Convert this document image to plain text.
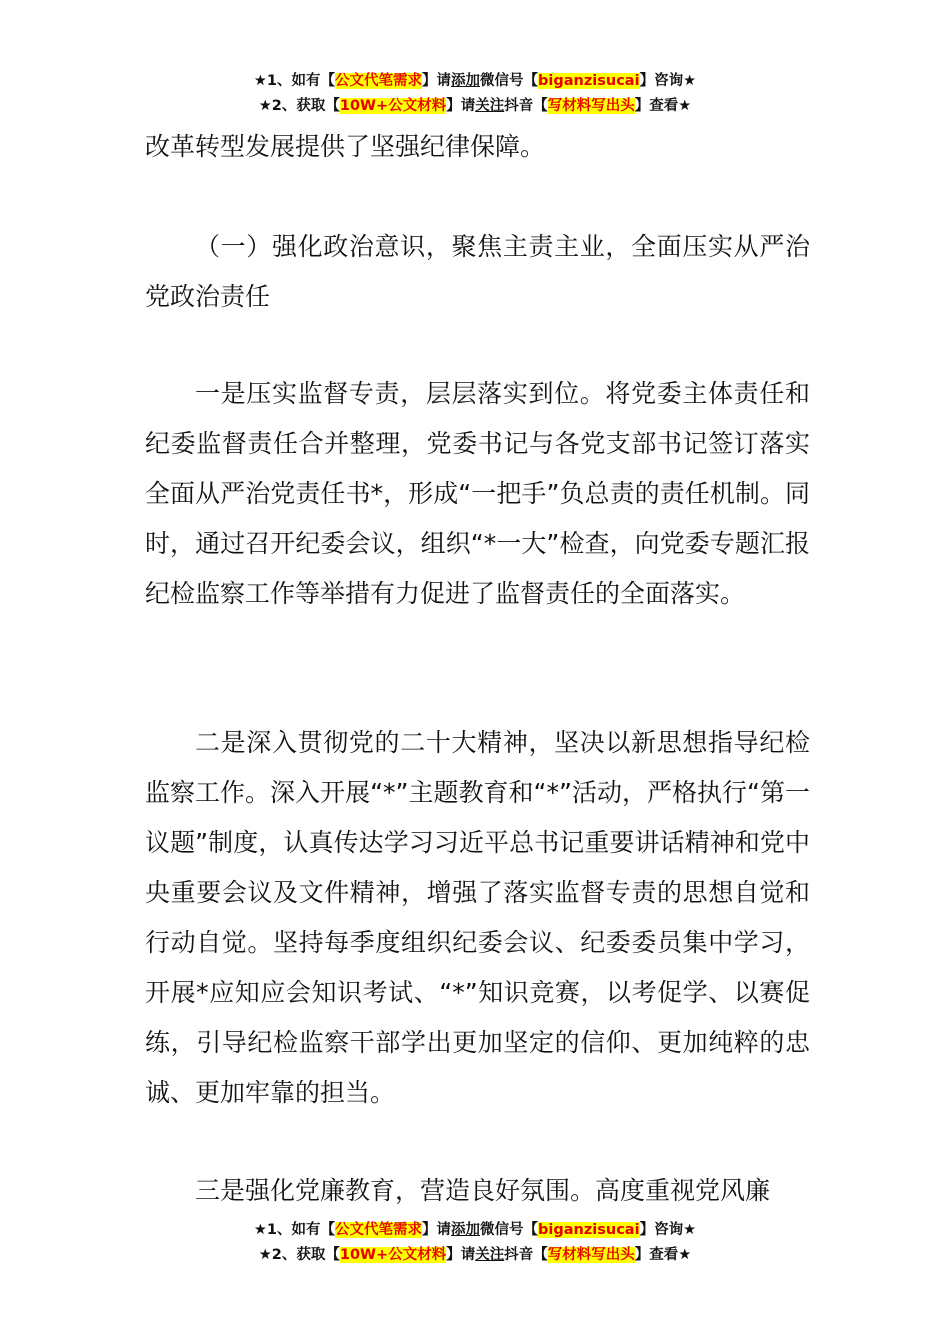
★1、如有【公文代笔需求】请添加微信号【biganzisucai】咨询★
★2、获取【10W+公文材料】请关注抖音【写材料写出头】查看★

改革转型发展提供了坚强纪律保障。

（一）强化政治意识，聚焦主责主业，全面压实从严治党政治责任

一是压实监督专责，层层落实到位。将党委主体责任和纪委监督责任合并整理，党委书记与各党支部书记签订落实全面从严治党责任书*，形成“一把手”负总责的责任机制。同时，通过召开纪委会议，组织“*一大”检查，向党委专题汇报纪检监察工作等举措有力促进了监督责任的全面落实。

二是深入贯彻党的二十大精神，坚决以新思想指导纪检监察工作。深入开展“*”主题教育和“*”活动，严格执行“第一议题”制度，认真传达学习习近平总书记重要讲话精神和党中央重要会议及文件精神，增强了落实监督专责的思想自觉和行动自觉。坚持每季度组织纪委会议、纪委委员集中学习，开展*应知应会知识考试、“*”知识竞赛，以考促学、以赛促练，引导纪检监察干部学出更加坚定的信仰、更加纯粹的忠诚、更加牢靠的担当。

三是强化党廉教育，营造良好氛围。高度重视党风廉

★1、如有【公文代笔需求】请添加微信号【biganzisucai】咨询★
★2、获取【10W+公文材料】请关注抖音【写材料写出头】查看★
